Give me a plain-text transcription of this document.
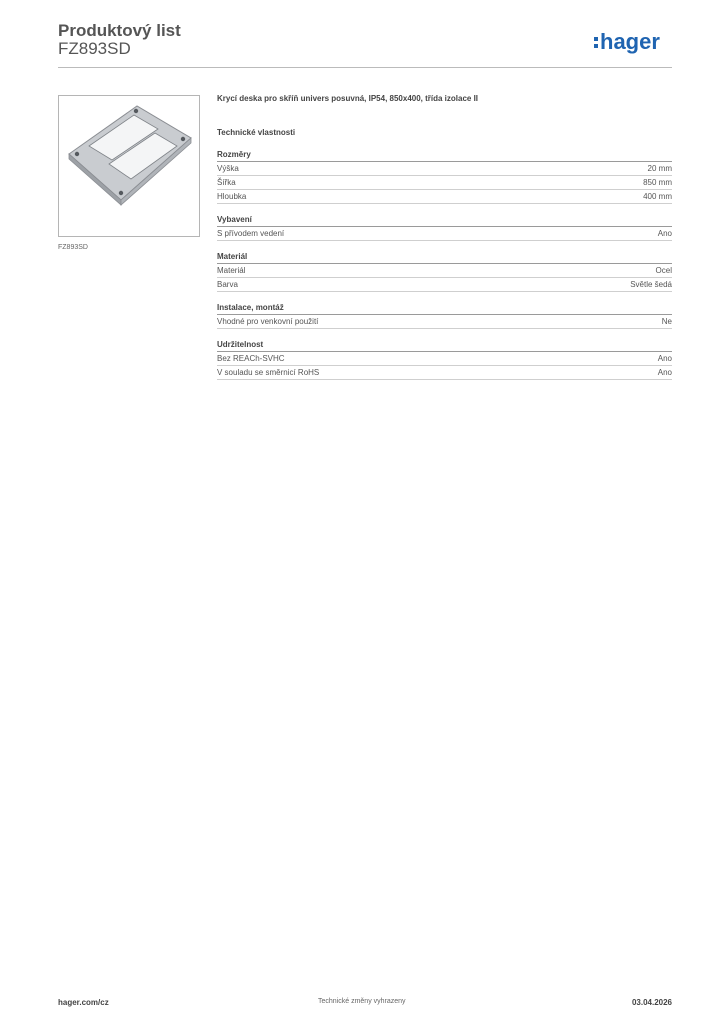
Produktový list
FZ893SD	hager
FZ893SD
Krycí deska pro skříň univers posuvná, IP54, 850x400, třída izolace II
Technické vlastnosti
Rozměry
Výška	20 mm
Šířka	850 mm
Hloubka	400 mm
Vybavení
S přívodem vedení	Ano
Materiál
Materiál	Ocel
Barva	Světle šedá
Instalace, montáž
Vhodné pro venkovní použití	Ne
Udržitelnost
Bez REACh-SVHC	Ano
V souladu se směrnicí RoHS	Ano
hager.com/cz	Technické změny vyhrazeny	03.04.2026
